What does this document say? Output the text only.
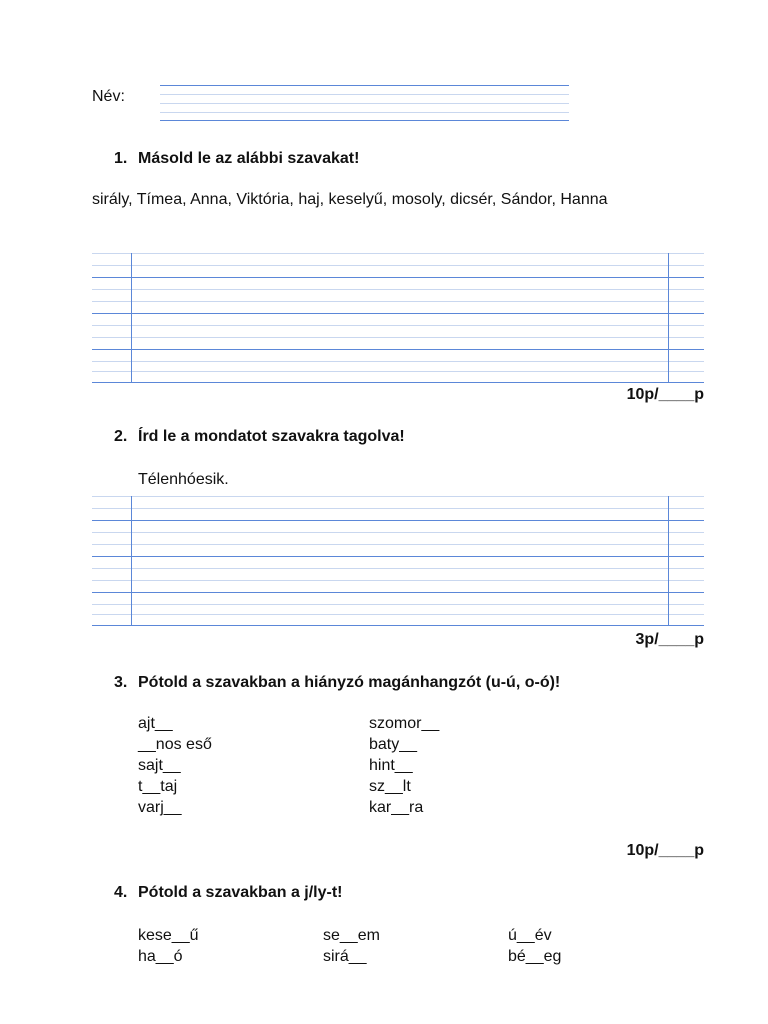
Név:
1. Másold le az alábbi szavakat!
sirály, Tímea, Anna, Viktória, haj, keselyű, mosoly, dicsér, Sándor, Hanna
10p/____p
2. Írd le a mondatot szavakra tagolva!
Télenhóesik.
3p/____p
3. Pótold a szavakban a hiányzó magánhangzót (u-ú, o-ó)!
ajt__
__nos eső
sajt__
t__taj
varj__
szomor__
baty__
hint__
sz__lt
kar__ra
10p/____p
4. Pótold a szavakban a j/ly-t!
kese__ű
ha__ó
se__em
sirá__
ú__év
bé__eg
